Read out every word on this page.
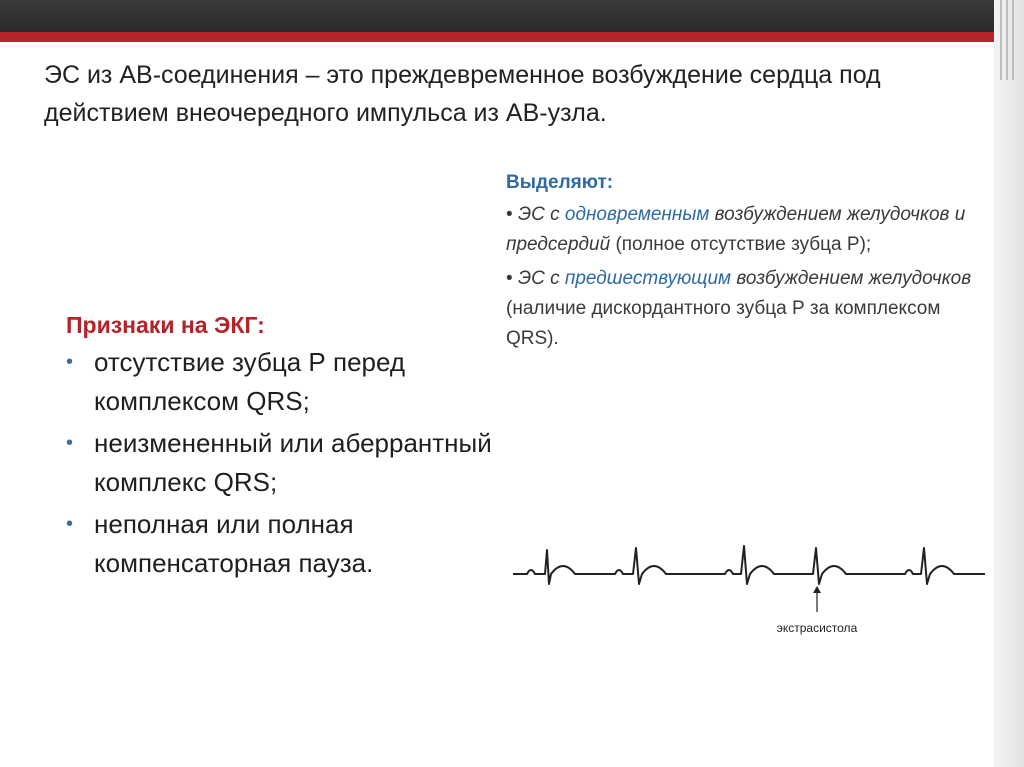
ЭС из АВ-соединения – это преждевременное возбуждение сердца под действием внеочередного импульса из АВ-узла.
Признаки на ЭКГ:
• отсутствие зубца Р перед комплексом QRS;
• неизмененный или аберрантный комплекс QRS;
• неполная или полная компенсаторная пауза.
Выделяют:
• ЭС с одновременным возбуждением желудочков и предсердий (полное отсутствие зубца Р);
• ЭС с предшествующим возбуждением желудочков (наличие дискордантного зубца Р за комплексом QRS).
экстрасистола
